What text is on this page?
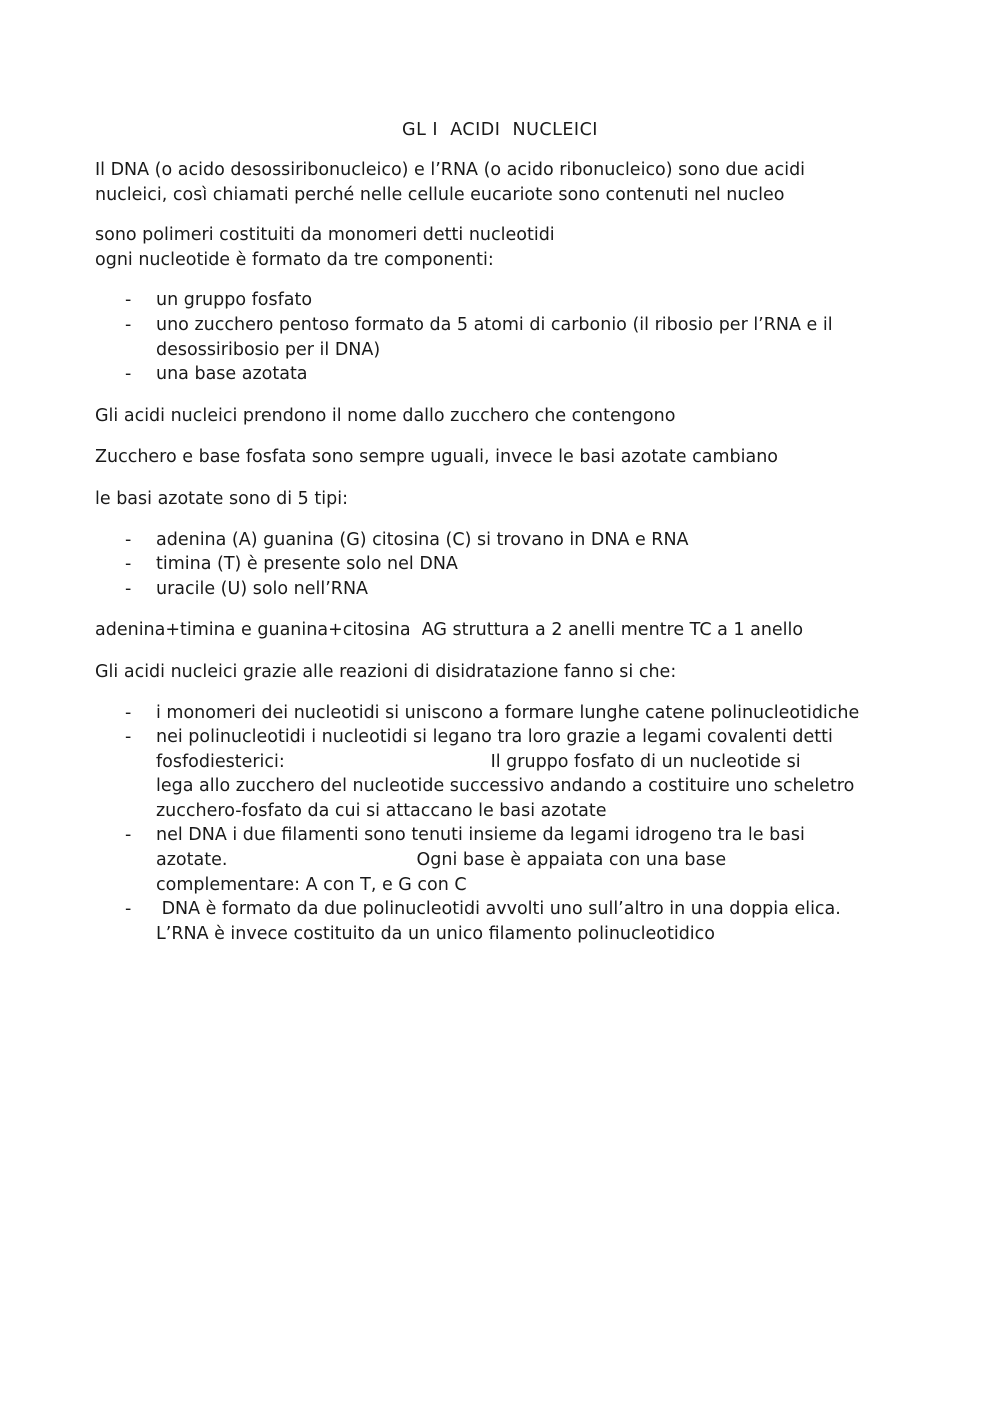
GL I  ACIDI  NUCLEICI

Il DNA (o acido desossiribonucleico) e l’RNA (o acido ribonucleico) sono due acidi
nucleici, così chiamati perché nelle cellule eucariote sono contenuti nel nucleo

sono polimeri costituiti da monomeri detti nucleotidi
ogni nucleotide è formato da tre componenti:

- un gruppo fosfato
- uno zucchero pentoso formato da 5 atomi di carbonio (il ribosio per l’RNA e il
desossiribosio per il DNA)
- una base azotata

Gli acidi nucleici prendono il nome dallo zucchero che contengono

Zucchero e base fosfata sono sempre uguali, invece le basi azotate cambiano

le basi azotate sono di 5 tipi:

- adenina (A) guanina (G) citosina (C) si trovano in DNA e RNA
- timina (T) è presente solo nel DNA
- uracile (U) solo nell’RNA

adenina+timina e guanina+citosina  AG struttura a 2 anelli mentre TC a 1 anello

Gli acidi nucleici grazie alle reazioni di disidratazione fanno si che:

- i monomeri dei nucleotidi si uniscono a formare lunghe catene polinucleotidiche
- nei polinucleotidi i nucleotidi si legano tra loro grazie a legami covalenti detti
fosfodiesterici:                                     Il gruppo fosfato di un nucleotide si
lega allo zucchero del nucleotide successivo andando a costituire uno scheletro
zucchero-fosfato da cui si attaccano le basi azotate
- nel DNA i due filamenti sono tenuti insieme da legami idrogeno tra le basi
azotate.                                  Ogni base è appaiata con una base
complementare: A con T, e G con C
- DNA è formato da due polinucleotidi avvolti uno sull’altro in una doppia elica.
L’RNA è invece costituito da un unico filamento polinucleotidico
